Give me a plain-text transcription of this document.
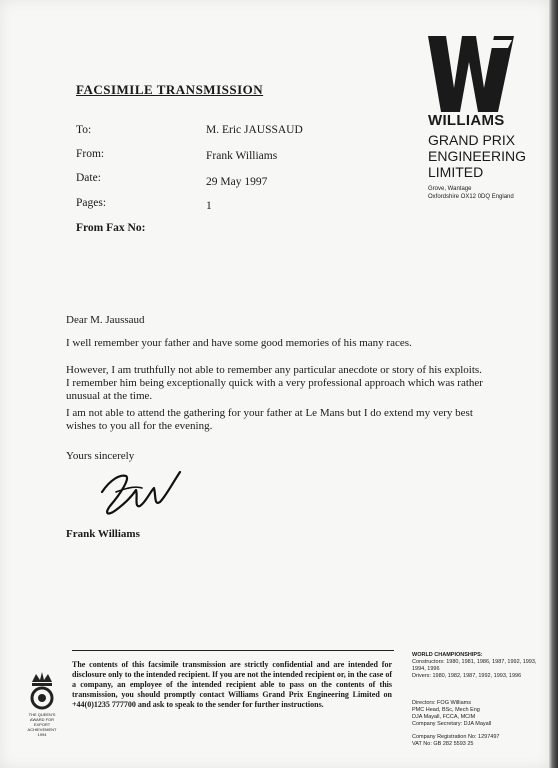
FACSIMILE TRANSMISSION
To:	M. Eric JAUSSAUD
From:	Frank Williams
Date:	29 May 1997
Pages:	1
From Fax No:
WILLIAMS
GRAND PRIX
ENGINEERING
LIMITED
Grove, Wantage
Oxfordshire OX12 0DQ England
Dear M. Jaussaud
I well remember your father and have some good memories of his many races.
However, I am truthfully not able to remember any particular anecdote or story of his exploits. I remember him being exceptionally quick with a very professional approach which was rather unusual at the time.
I am not able to attend the gathering for your father at Le Mans but I do extend my very best wishes to you all for the evening.
Yours sincerely
Frank Williams
The contents of this facsimile transmission are strictly confidential and are intended for disclosure only to the intended recipient. If you are not the intended recipient or, in the case of a company, an employee of the intended recipient able to pass on the contents of this transmission, you should promptly contact Williams Grand Prix Engineering Limited on +44(0)1235 777700 and ask to speak to the sender for further instructions.
THE QUEEN'S
AWARD FOR
EXPORT
ACHIEVEMENT
1994
WORLD CHAMPIONSHIPS:
Constructors: 1980, 1981, 1986, 1987, 1992, 1993, 1994, 1996
Drivers: 1980, 1982, 1987, 1992, 1993, 1996
Directors: FOG Williams
PMC Head, BSc, Mech Eng
DJA Mayall, FCCA, MCIM
Company Secretary: DJA Mayall
Company Registration No: 1297497
VAT No: GB 282 5593 25
